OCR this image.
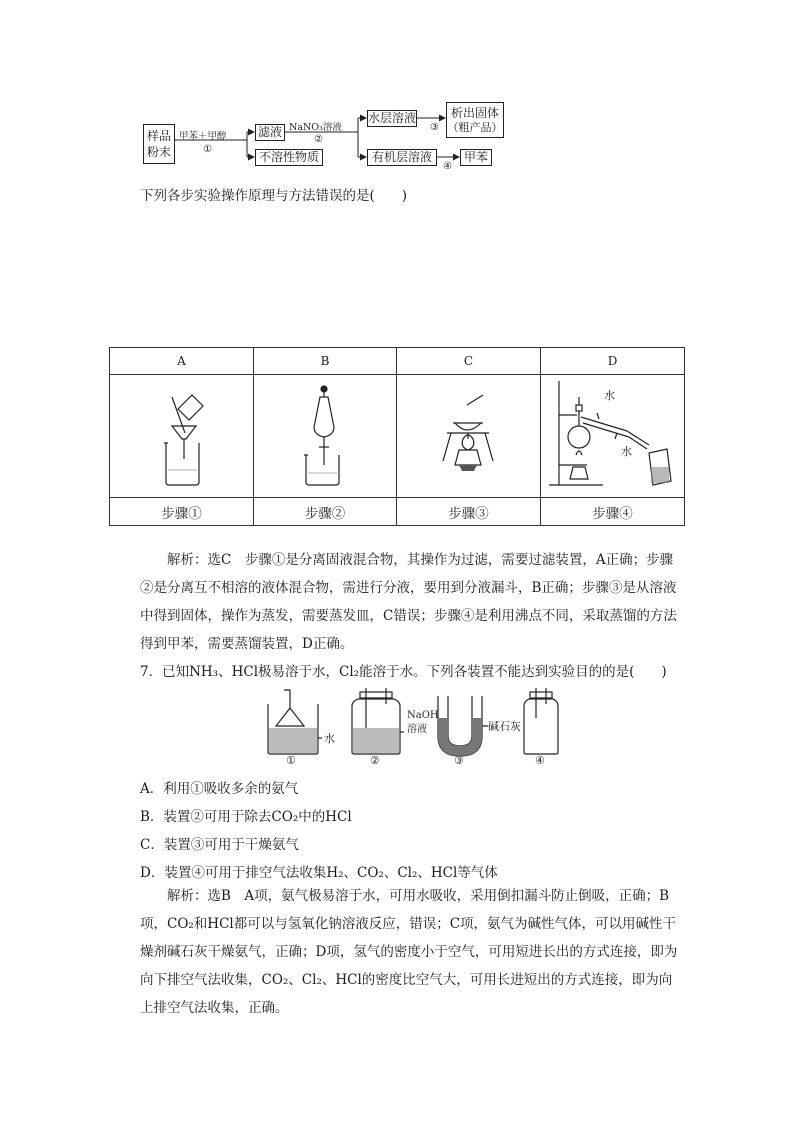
样品粉末
甲苯＋甲醇
①
滤液
不溶性物质
NaNO₃溶液
②
水层溶液
③
析出固体
（粗产品）
有机层溶液
④
甲苯
下列各步实验操作原理与方法错误的是(　　)
A	B	C	D

水
水

步骤①	步骤②	步骤③	步骤④
解析：选C　步骤①是分离固液混合物，其操作为过滤，需要过滤装置，A正确；步骤②是分离互不相溶的液体混合物，需进行分液，要用到分液漏斗，B正确；步骤③是从溶液中得到固体，操作为蒸发，需要蒸发皿，C错误；步骤④是利用沸点不同，采取蒸馏的方法得到甲苯，需要蒸馏装置，D正确。
7．已知NH₃、HCl极易溶于水，Cl₂能溶于水。下列各装置不能达到实验目的的是(　　)
水
NaOH
溶液	碱石灰
①	②	③	④
A．利用①吸收多余的氨气
B．装置②可用于除去CO₂中的HCl
C．装置③可用于干燥氨气
D．装置④可用于排空气法收集H₂、CO₂、Cl₂、HCl等气体
解析：选B　A项，氨气极易溶于水，可用水吸收，采用倒扣漏斗防止倒吸，正确；B项，CO₂和HCl都可以与氢氧化钠溶液反应，错误；C项，氨气为碱性气体，可以用碱性干燥剂碱石灰干燥氨气，正确；D项，氢气的密度小于空气，可用短进长出的方式连接，即为向下排空气法收集，CO₂、Cl₂、HCl的密度比空气大，可用长进短出的方式连接，即为向上排空气法收集，正确。
